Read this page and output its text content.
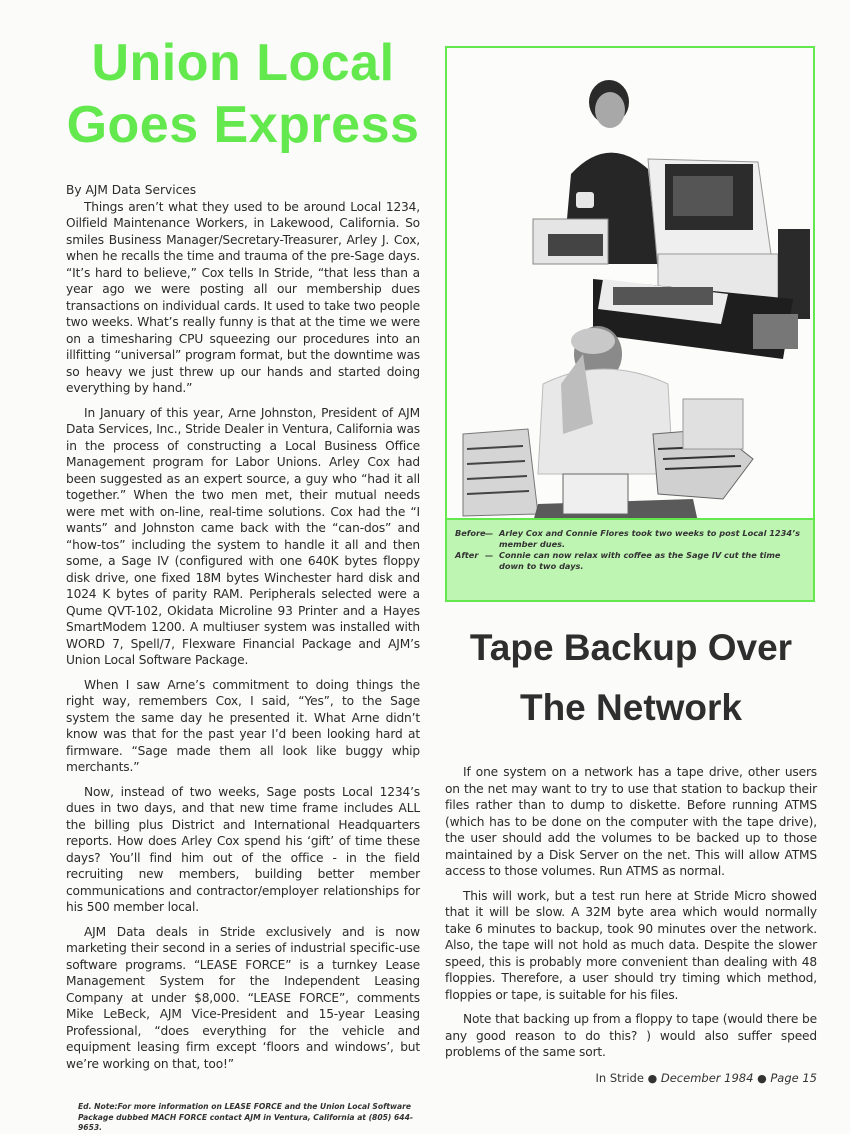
Union Local
Goes Express
By AJM Data Services

Things aren’t what they used to be around Local 1234, Oilfield Maintenance Workers, in Lakewood, California. So smiles Business Manager/Secretary-Treasurer, Arley J. Cox, when he recalls the time and trauma of the pre-Sage days. “It’s hard to believe,” Cox tells In Stride, “that less than a year ago we were posting all our membership dues transactions on individual cards. It used to take two people two weeks. What’s really funny is that at the time we were on a timesharing CPU squeezing our procedures into an illfitting “universal” program format, but the downtime was so heavy we just threw up our hands and started doing everything by hand.”

In January of this year, Arne Johnston, President of AJM Data Services, Inc., Stride Dealer in Ventura, California was in the process of constructing a Local Business Office Management program for Labor Unions. Arley Cox had been suggested as an expert source, a guy who “had it all together.” When the two men met, their mutual needs were met with on-line, real-time solutions. Cox had the “I wants” and Johnston came back with the “can-dos” and “how-tos” including the system to handle it all and then some, a Sage IV (configured with one 640K bytes floppy disk drive, one fixed 18M bytes Winchester hard disk and 1024 K bytes of parity RAM. Peripherals selected were a Qume QVT-102, Okidata Microline 93 Printer and a Hayes SmartModem 1200. A multiuser system was installed with WORD 7, Spell/7, Flexware Financial Package and AJM’s Union Local Software Package.

When I saw Arne’s commitment to doing things the right way, remembers Cox, I said, “Yes”, to the Sage system the same day he presented it. What Arne didn’t know was that for the past year I’d been looking hard at firmware. “Sage made them all look like buggy whip merchants.”

Now, instead of two weeks, Sage posts Local 1234’s dues in two days, and that new time frame includes ALL the billing plus District and International Headquarters reports. How does Arley Cox spend his ‘gift’ of time these days? You’ll find him out of the office - in the field recruiting new members, building better member communications and contractor/employer relationships for his 500 member local.

AJM Data deals in Stride exclusively and is now marketing their second in a series of industrial specific-use software programs. “LEASE FORCE” is a turnkey Lease Management System for the Independent Leasing Company at under $8,000. “LEASE FORCE”, comments Mike LeBeck, AJM Vice-President and 15-year Leasing Professional, “does everything for the vehicle and equipment leasing firm except ‘floors and windows’, but we’re working on that, too!”

Ed. Note:For more information on LEASE FORCE and the Union Local Software Package dubbed MACH FORCE contact AJM in Ventura, California at (805) 644-9653.
Before — Arley Cox and Connie Flores took two weeks to post Local 1234’s member dues.
After — Connie can now relax with coffee as the Sage IV cut the time down to two days.
Tape Backup Over
The Network

If one system on a network has a tape drive, other users on the net may want to try to use that station to backup their files rather than to dump to diskette. Before running ATMS (which has to be done on the computer with the tape drive), the user should add the volumes to be backed up to those maintained by a Disk Server on the net. This will allow ATMS access to those volumes. Run ATMS as normal.

This will work, but a test run here at Stride Micro showed that it will be slow. A 32M byte area which would normally take 6 minutes to backup, took 90 minutes over the network. Also, the tape will not hold as much data. Despite the slower speed, this is probably more convenient than dealing with 48 floppies. Therefore, a user should try timing which method, floppies or tape, is suitable for his files.

Note that backing up from a floppy to tape (would there be any good reason to do this? ) would also suffer speed problems of the same sort.

In Stride ● December 1984 ● Page 15
